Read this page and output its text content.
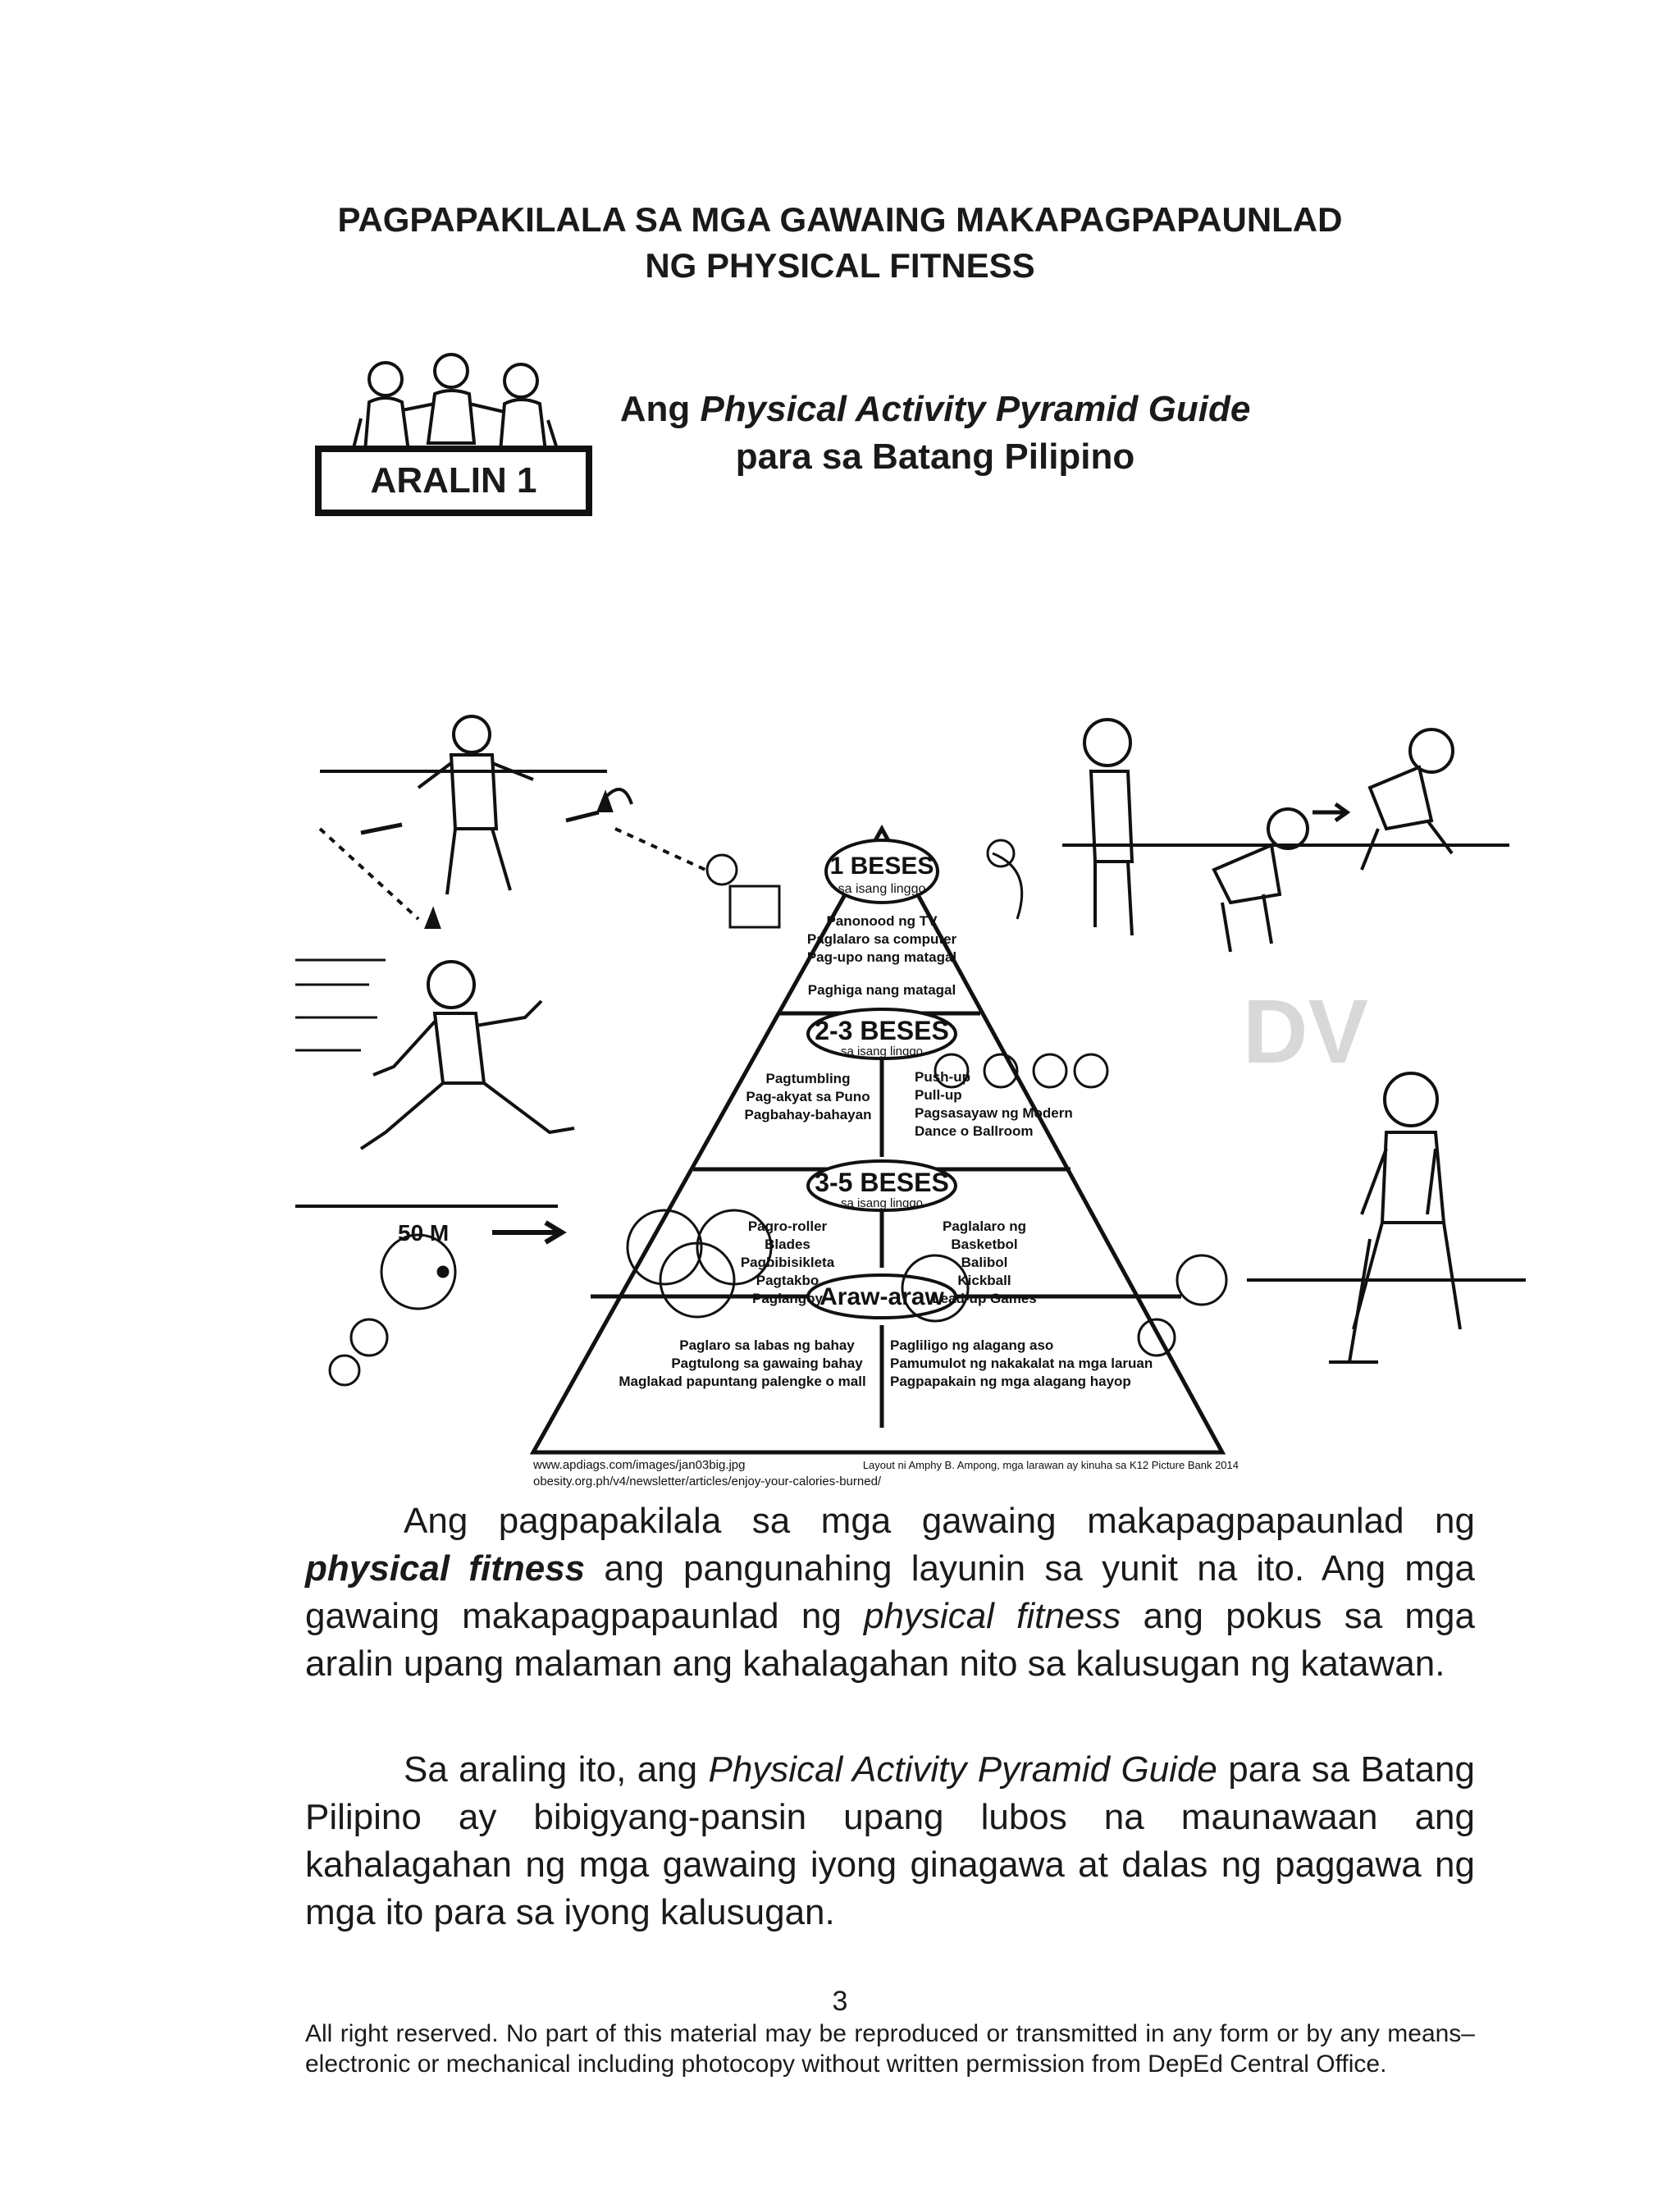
PAGPAPAKILALA SA MGA GAWAING MAKAPAGPAPAUNLAD
NG PHYSICAL FITNESS
ARALIN 1
Ang Physical Activity Pyramid Guide
para sa Batang Pilipino
50 M
DV
1 BESES
sa isang linggo
2-3 BESES
sa isang linggo
3-5 BESES
sa isang linggo
Araw-araw
Panonood ng TV
Paglalaro sa computer
Pag-upo nang matagal
Paghiga nang matagal
Pagtumbling
Pag-akyat sa Puno
Pagbahay-bahayan
Push-up
Pull-up
Pagsasayaw ng Modern
Dance o Ballroom
Pagro-roller
Blades
Pagbibisikleta
Pagtakbo
Paglangoy
Paglalaro ng
Basketbol
Balibol
Kickball
Lead-up Games
Paglaro sa labas ng bahay
Pagtulong sa gawaing bahay
Maglakad papuntang palengke o mall
Pagliligo ng alagang aso
Pamumulot ng nakakalat na mga laruan
Pagpapakain ng mga alagang hayop
www.apdiags.com/images/jan03big.jpg
obesity.org.ph/v4/newsletter/articles/enjoy-your-calories-burned/
Layout ni Amphy B. Ampong, mga larawan ay kinuha sa K12 Picture Bank 2014
Ang pagpapakilala sa mga gawaing makapagpapaunlad ng physical fitness ang pangunahing layunin sa yunit na ito. Ang mga gawaing makapagpapaunlad ng physical fitness ang pokus sa mga aralin upang malaman ang kahalagahan nito sa kalusugan ng katawan.
Sa araling ito, ang Physical Activity Pyramid Guide para sa Batang Pilipino ay bibigyang-pansin upang lubos na maunawaan ang kahalagahan ng mga gawaing iyong ginagawa at dalas ng paggawa ng mga ito para sa iyong kalusugan.
3
All right reserved. No part of this material may be reproduced or transmitted in any form or by any means–electronic or mechanical including photocopy without written permission from DepEd Central Office.
